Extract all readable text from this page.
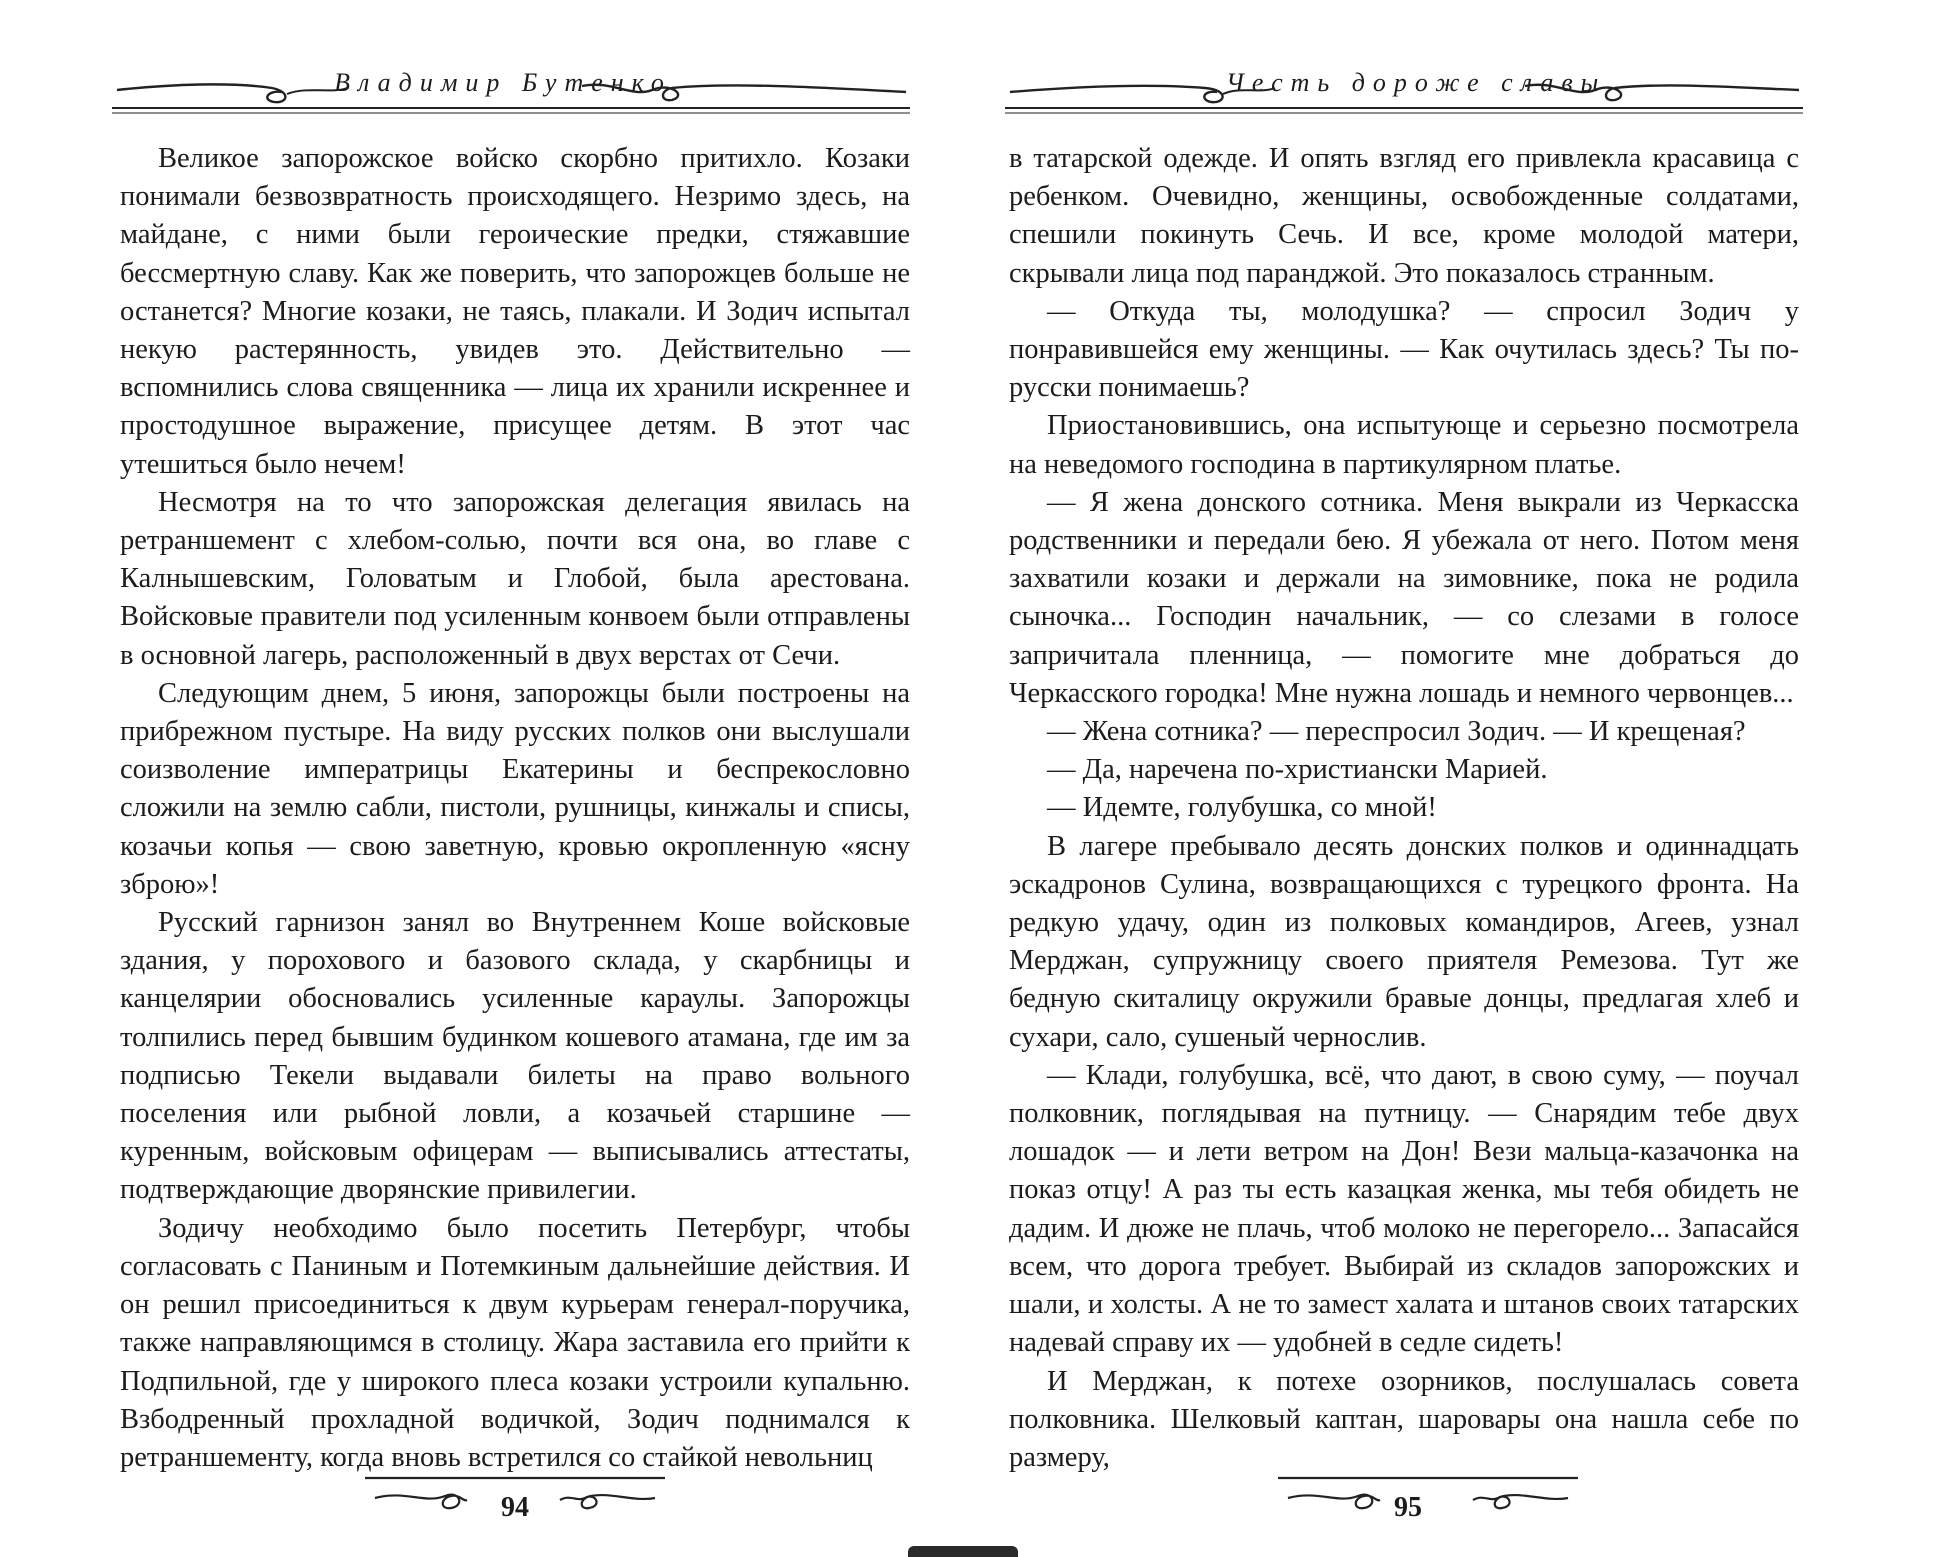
Владимир Бутенко

Великое запорожское войско скорбно притихло. Козаки понимали безвозвратность происходящего. Незримо здесь, на майдане, с ними были героические предки, стяжавшие бессмертную славу. Как же поверить, что запорожцев больше не останется? Многие козаки, не таясь, плакали. И Зодич испытал некую растерянность, увидев это. Действительно — вспомнились слова священника — лица их хранили искреннее и простодушное выражение, присущее детям. В этот час утешиться было нечем!

Несмотря на то что запорожская делегация явилась на ретраншемент с хлебом-солью, почти вся она, во главе с Калнышевским, Головатым и Глобой, была арестована. Войсковые правители под усиленным конвоем были отправлены в основной лагерь, расположенный в двух верстах от Сечи.

Следующим днем, 5 июня, запорожцы были построены на прибрежном пустыре. На виду русских полков они выслушали соизволение императрицы Екатерины и беспрекословно сложили на землю сабли, пистоли, рушницы, кинжалы и списы, козачьи копья — свою заветную, кровью окропленную «ясну зброю»!

Русский гарнизон занял во Внутреннем Коше войсковые здания, у порохового и базового склада, у скарбницы и канцелярии обосновались усиленные караулы. Запорожцы толпились перед бывшим будинком кошевого атамана, где им за подписью Текели выдавали билеты на право вольного поселения или рыбной ловли, а козачьей старшине — куренным, войсковым офицерам — выписывались аттестаты, подтверждающие дворянские привилегии.

Зодичу необходимо было посетить Петербург, чтобы согласовать с Паниным и Потемкиным дальнейшие действия. И он решил присоединиться к двум курьерам генерал-поручика, также направляющимся в столицу. Жара заставила его прийти к Подпильной, где у широкого плеса козаки устроили купальню. Взбодренный прохладной водичкой, Зодич поднимался к ретраншементу, когда вновь встретился со стайкой невольниц

94
Честь дороже славы

в татарской одежде. И опять взгляд его привлекла красавица с ребенком. Очевидно, женщины, освобожденные солдатами, спешили покинуть Сечь. И все, кроме молодой матери, скрывали лица под паранджой. Это показалось странным.

— Откуда ты, молодушка? — спросил Зодич у понравившейся ему женщины. — Как очутилась здесь? Ты по-русски понимаешь?

Приостановившись, она испытующе и серьезно посмотрела на неведомого господина в партикулярном платье.

— Я жена донского сотника. Меня выкрали из Черкасска родственники и передали бею. Я убежала от него. Потом меня захватили козаки и держали на зимовнике, пока не родила сыночка... Господин начальник, — со слезами в голосе запричитала пленница, — помогите мне добраться до Черкасского городка! Мне нужна лошадь и немного червонцев...

— Жена сотника? — переспросил Зодич. — И крещеная?

— Да, наречена по-христиански Марией.

— Идемте, голубушка, со мной!

В лагере пребывало десять донских полков и одиннадцать эскадронов Сулина, возвращающихся с турецкого фронта. На редкую удачу, один из полковых командиров, Агеев, узнал Мерджан, супружницу своего приятеля Ремезова. Тут же бедную скиталицу окружили бравые донцы, предлагая хлеб и сухари, сало, сушеный чернослив.

— Клади, голубушка, всё, что дают, в свою суму, — поучал полковник, поглядывая на путницу. — Снарядим тебе двух лошадок — и лети ветром на Дон! Вези мальца-казачонка на показ отцу! А раз ты есть казацкая женка, мы тебя обидеть не дадим. И дюже не плачь, чтоб молоко не перегорело... Запасайся всем, что дорога требует. Выбирай из складов запорожских и шали, и холсты. А не то замест халата и штанов своих татарских надевай справу их — удобней в седле сидеть!

И Мерджан, к потехе озорников, послушалась совета полковника. Шелковый каптан, шаровары она нашла себе по размеру,

95
